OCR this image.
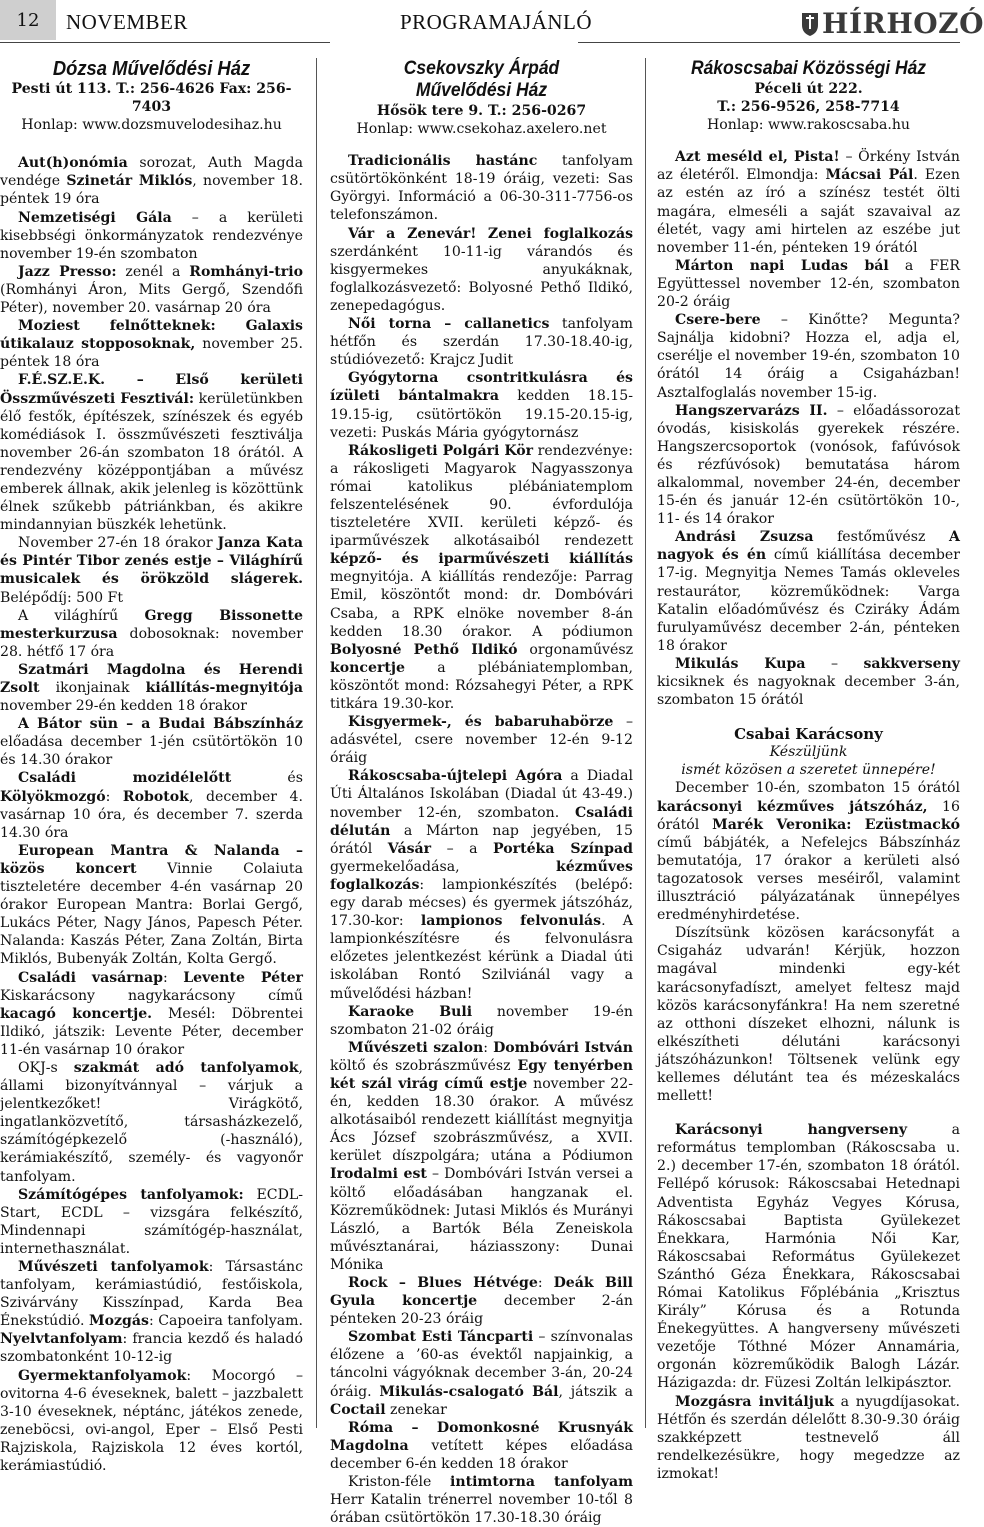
12	NOVEMBER	PROGRAMAJÁNLÓ	HÍRHOZÓ
Dózsa Művelődési Ház

Pesti út 113. T.: 256-4626 Fax: 256-7403

Honlap: www.dozsmuvelodesihaz.hu

Aut(h)onómia sorozat, Auth Magda vendége Szinetár Miklós, november 18. péntek 19 óra

Nemzetiségi Gála – a kerületi kisebbségi önkormányzatok rendezvénye november 19-én szombaton

Jazz Presso: zenél a Romhányi-trio (Romhányi Áron, Mits Gergő, Szendőfi Péter), november 20. vasárnap 20 óra

Moziest felnőtteknek: Galaxis útikalauz stopposoknak, november 25. péntek 18 óra

F.É.SZ.E.K. – Első kerületi Összművészeti Fesztivál: kerületünkben élő festők, építészek, színészek és egyéb komédiások I. összművészeti fesztiválja november 26-án szombaton 18 órától. A rendezvény középpontjában a művész emberek állnak, akik jelenleg is közöttünk élnek szűkebb pátriánkban, és akikre mindannyian büszkék lehetünk.

November 27-én 18 órakor Janza Kata és Pintér Tibor zenés estje – Világhírű musicalek és örökzöld slágerek. Belépődíj: 500 Ft

A világhírű Gregg Bissonette mesterkurzusa dobosoknak: november 28. hétfő 17 óra

Szatmári Magdolna és Herendi Zsolt ikonjainak kiállítás-megnyitója november 29-én kedden 18 órakor

A Bátor sün – a Budai Bábszínház előadása december 1-jén csütörtökön 10 és 14.30 órakor

Családi mozidélelőtt és Kölyökmozgó: Robotok, december 4. vasárnap 10 óra, és december 7. szerda 14.30 óra

European Mantra & Nalanda – közös koncert Vinnie Colaiuta tiszteletére december 4-én vasárnap 20 órakor European Mantra: Borlai Gergő, Lukács Péter, Nagy János, Papesch Péter. Nalanda: Kaszás Péter, Zana Zoltán, Birta Miklós, Bubenyák Zoltán, Kolta Gergő.

Családi vasárnap: Levente Péter Kiskarácsony nagykarácsony című kacagó koncertje. Mesél: Döbrentei Ildikó, játszik: Levente Péter, december 11-én vasárnap 10 órakor

OKJ-s szakmát adó tanfolyamok, állami bizonyítvánnyal – várjuk a jelentkezőket! Virágkötő, ingatlanközvetítő, társasházkezelő, számítógépkezelő (-használó), kerámiakészítő, személy- és vagyonőr tanfolyam.

Számítógépes tanfolyamok: ECDL-Start, ECDL – vizsgára felkészítő, Mindennapi számítógép-használat, internethasználat.

Művészeti tanfolyamok: Társastánc tanfolyam, kerámiastúdió, festőiskola, Szivárvány Kisszínpad, Karda Bea Énekstúdió. Mozgás: Capoeira tanfolyam. Nyelvtanfolyam: francia kezdő és haladó szombatonként 10-12-ig

Gyermektanfolyamok: Mocorgó – ovitorna 4-6 éveseknek, balett – jazzbalett 3-10 éveseknek, néptánc, játékos zenede, zeneböcsi, ovi-angol, Eper – Első Pesti Rajziskola, Rajziskola 12 éves kortól, kerámiastúdió.

Csekovszky Árpád
Művelődési Ház

Hősök tere 9. T.: 256-0267

Honlap: www.csekohaz.axelero.net

Tradicionális hastánc tanfolyam csütörtökönként 18-19 óráig, vezeti: Sas Györgyi. Információ a 06-30-311-7756-os telefonszámon.

Vár a Zenevár! Zenei foglalkozás szerdánként 10-11-ig várandós és kisgyermekes anyukáknak, foglalkozásvezető: Bolyosné Pethő Ildikó, zenepedagógus.

Női torna – callanetics tanfolyam hétfőn és szerdán 17.30-18.40-ig, stúdióvezető: Krajcz Judit

Gyógytorna csontritkulásra és ízületi bántalmakra kedden 18.15-19.15-ig, csütörtökön 19.15-20.15-ig, vezeti: Puskás Mária gyógytornász

Rákosligeti Polgári Kör rendezvénye: a rákosligeti Magyarok Nagyasszonya római katolikus plébániatemplom felszentelésének 90. évfordulója tiszteletére XVII. kerületi képző- és iparművészek alkotásaiból rendezett képző- és iparművészeti kiállítás megnyitója. A kiállítás rendezője: Parrag Emil, köszöntőt mond: dr. Dombóvári Csaba, a RPK elnöke november 8-án kedden 18.30 órakor. A pódiumon Bolyosné Pethő Ildikó orgonaművész koncertje a plébániatemplomban, köszöntőt mond: Rózsahegyi Péter, a RPK titkára 19.30-kor.

Kisgyermek-, és babaruhabörze – adásvétel, csere november 12-én 9-12 óráig

Rákoscsaba-újtelepi Agóra a Diadal Úti Általános Iskolában (Diadal út 43-49.) november 12-én, szombaton. Családi délután a Márton nap jegyében, 15 órától Vásár – a Portéka Színpad gyermekelőadása, kézműves foglalkozás: lampionkészítés (belépő: egy darab mécses) és gyermek játszóház, 17.30-kor: lampionos felvonulás. A lampionkészítésre és felvonulásra előzetes jelentkezést kérünk a Diadal úti iskolában Rontó Szilviánál vagy a művelődési házban!

Karaoke Buli november 19-én szombaton 21-02 óráig

Művészeti szalon: Dombóvári István költő és szobrászművész Egy tenyérben két szál virág című estje november 22-én, kedden 18.30 órakor. A művész alkotásaiból rendezett kiállítást megnyitja Ács József szobrászművész, a XVII. kerület díszpolgára; utána a Pódiumon Irodalmi est – Dombóvári István versei a költő előadásában hangzanak el. Közreműködnek: Jutasi Miklós és Murányi László, a Bartók Béla Zeneiskola művésztanárai, háziasszony: Dunai Mónika

Rock – Blues Hétvége: Deák Bill Gyula koncertje december 2-án pénteken 20-23 óráig

Szombat Esti Táncparti – színvonalas élőzene a ’60-as évektől napjainkig, a táncolni vágyóknak december 3-án, 20-24 óráig. Mikulás-csalogató Bál, játszik a Coctail zenekar

Róma – Domonkosné Krusnyák Magdolna vetített képes előadása december 6-én kedden 18 órakor

Kriston-féle intimtorna tanfolyam Herr Katalin trénerrel november 10-től 8 órában csütörtökön 17.30-18.30 óráig

Rákoscsabai Közösségi Ház

Péceli út 222.

T.: 256-9526, 258-7714

Honlap: www.rakoscsaba.hu

Azt meséld el, Pista! – Örkény István az életéről. Elmondja: Mácsai Pál. Ezen az estén az író a színész testét ölti magára, elmeséli a saját szavaival az életét, vagy ami hirtelen az eszébe jut november 11-én, pénteken 19 órától

Márton napi Ludas bál a FER Együttessel november 12-én, szombaton 20-2 óráig

Csere-bere – Kinőtte? Megunta? Sajnálja kidobni? Hozza el, adja el, cserélje el november 19-én, szombaton 10 órától 14 óráig a Csigaházban! Asztalfoglalás november 15-ig.

Hangszervarázs II. – előadássorozat óvodás, kisiskolás gyerekek részére. Hangszercsoportok (vonósok, fafúvósok és rézfúvósok) bemutatása három alkalommal, november 24-én, december 15-én és január 12-én csütörtökön 10-, 11- és 14 órakor

Andrási Zsuzsa festőművész A nagyok és én című kiállítása december 17-ig. Megnyitja Nemes Tamás okleveles restaurátor, közreműködnek: Varga Katalin előadóművész és Cziráky Ádám furulyaművész december 2-án, pénteken 18 órakor

Mikulás Kupa – sakkverseny kicsiknek és nagyoknak december 3-án, szombaton 15 órától

Csabai Karácsony

Készüljünk

ismét közösen a szeretet ünnepére!

December 10-én, szombaton 15 órától karácsonyi kézműves játszóház, 16 órától Marék Veronika: Ezüstmackó című bábjáték, a Nefelejcs Bábszínház bemutatója, 17 órakor a kerületi alsó tagozatosok verses meséiről, valamint illusztráció pályázatának ünnepélyes eredményhirdetése.

Díszítsünk közösen karácsonyfát a Csigaház udvarán! Kérjük, hozzon magával mindenki egy-két karácsonyfadíszt, amelyet feltesz majd közös karácsonyfánkra! Ha nem szeretné az otthoni díszeket elhozni, nálunk is elkészítheti délutáni karácsonyi játszóházunkon! Töltsenek velünk egy kellemes délutánt tea és mézeskalács mellett!

Karácsonyi hangverseny a református templomban (Rákoscsaba u. 2.) december 17-én, szombaton 18 órától. Fellépő kórusok: Rákoscsabai Hetednapi Adventista Egyház Vegyes Kórusa, Rákoscsabai Baptista Gyülekezet Énekkara, Harmónia Női Kar, Rákoscsabai Református Gyülekezet Szánthó Géza Énekkara, Rákoscsabai Római Katolikus Főplébánia „Krisztus Király” Kórusa és a Rotunda Énekegyüttes. A hangverseny művészeti vezetője Tóthné Mózer Annamária, orgonán közreműködik Balogh Lázár. Házigazda: dr. Füzesi Zoltán lelkipásztor.

Mozgásra invitáljuk a nyugdíjasokat. Hétfőn és szerdán délelőtt 8.30-9.30 óráig szakképzett testnevelő áll rendelkezésükre, hogy megedzze az izmokat!
